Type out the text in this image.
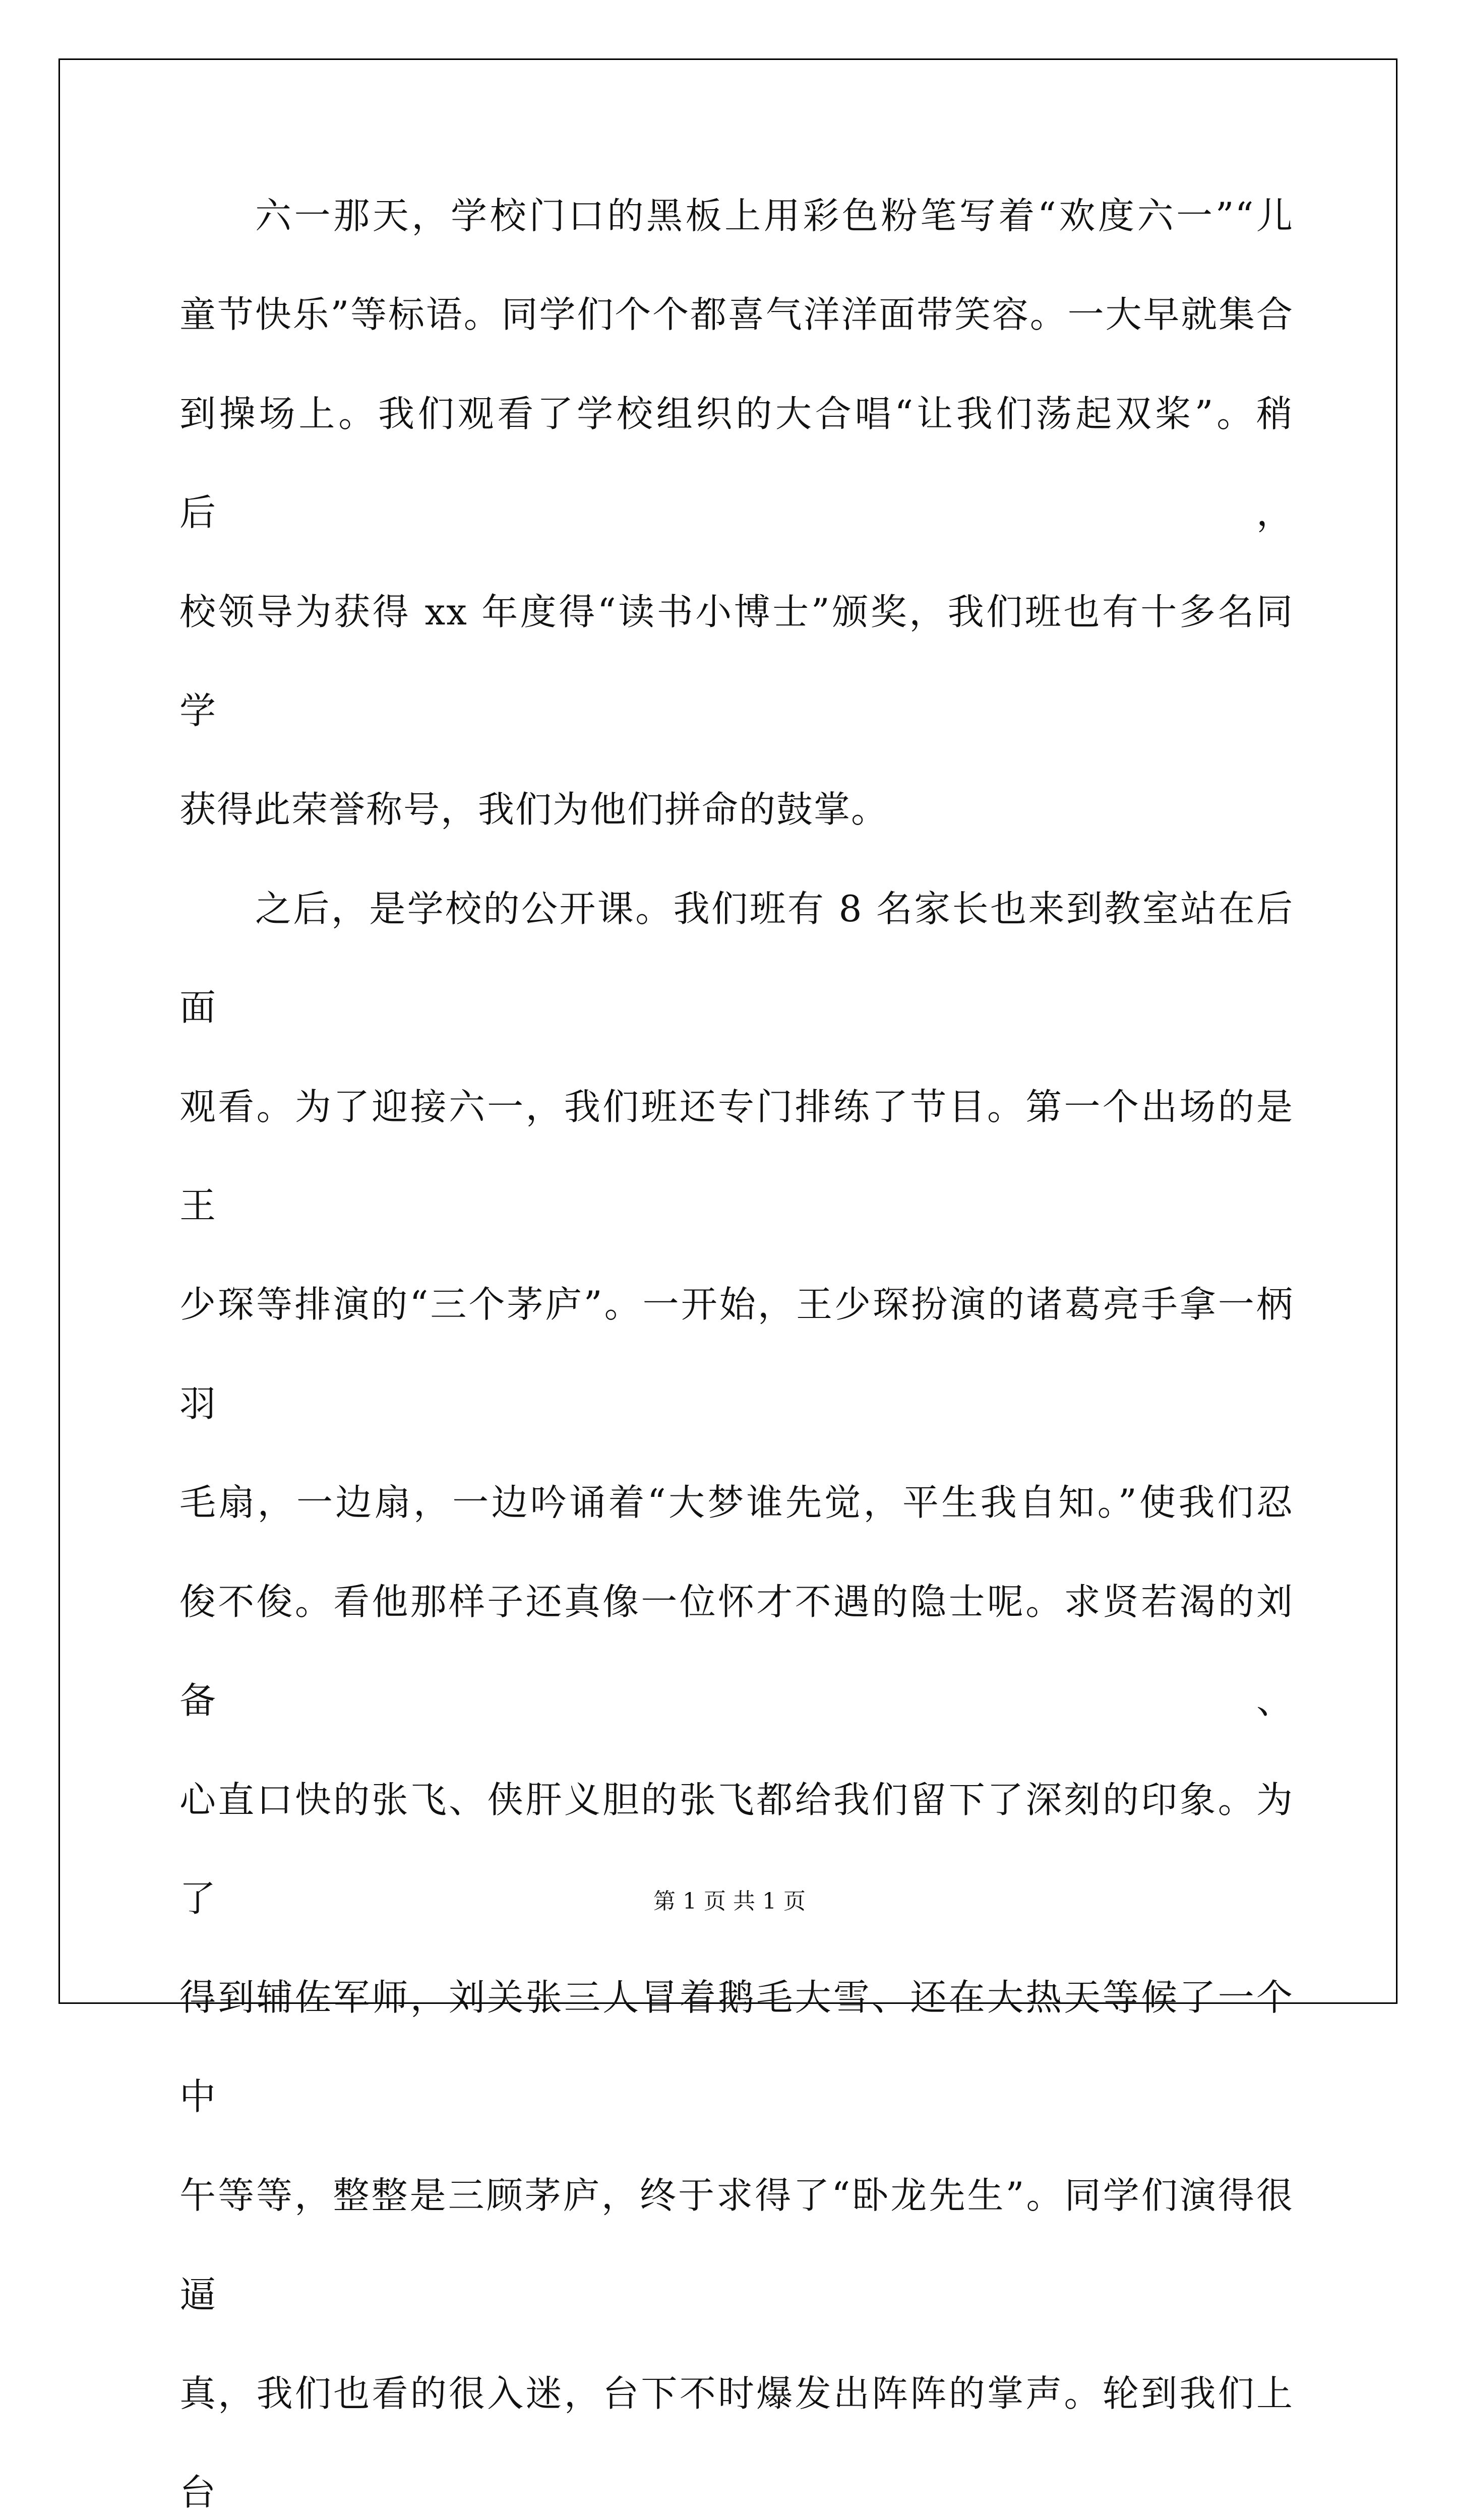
六一那天，学校门口的黑板上用彩色粉笔写着“欢度六一”“儿
童节快乐”等标语。同学们个个都喜气洋洋面带笑容。一大早就集合
到操场上。我们观看了学校组织的大合唱“让我们荡起双桨”。稍后，
校领导为获得 xx 年度得“读书小博士”颁奖，我们班也有十多名同学
获得此荣誉称号，我们为他们拼命的鼓掌。

之后，是学校的公开课。我们班有 8 名家长也来到教室站在后面
观看。为了迎接六一，我们班还专门排练了节目。第一个出场的是王
少琛等排演的“三个茅庐”。一开始，王少琛扮演的诸葛亮手拿一柄羽
毛扇，一边扇，一边吟诵着“大梦谁先觉，平生我自知。”使我们忍
俊不俊。看他那样子还真像一位怀才不遇的隐士呢。求贤若渴的刘备、
心直口快的张飞、侠肝义胆的张飞都给我们留下了深刻的印象。为了
得到辅佐军师，刘关张三人冒着鹅毛大雪、还在大热天等候了一个中
午等等，整整是三顾茅庐，终于求得了“卧龙先生”。同学们演得很逼
真，我们也看的很入迷，台下不时爆发出阵阵的掌声。轮到我们上台

第 1 页 共 1 页
